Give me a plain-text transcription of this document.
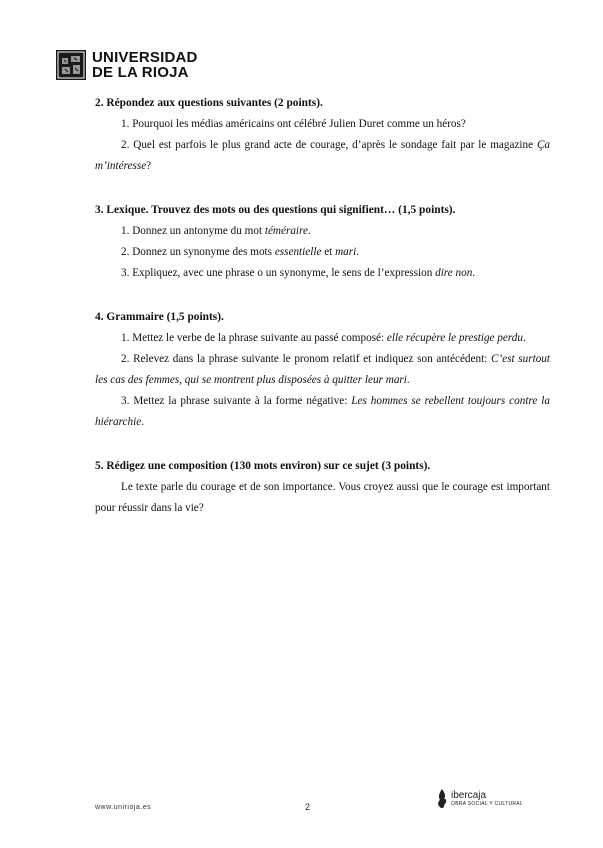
UNIVERSIDAD
DE LA RIOJA
2. Répondez aux questions suivantes (2 points).

1. Pourquoi les médias américains ont célébré Julien Duret comme un héros?

2. Quel est parfois le plus grand acte de courage, d’après le sondage fait par le magazine Ça m’intéresse?

3. Lexique. Trouvez des mots ou des questions qui signifient… (1,5 points).

1. Donnez un antonyme du mot téméraire.

2. Donnez un synonyme des mots essentielle et mari.

3. Expliquez, avec une phrase o un synonyme, le sens de l’expression dire non.

4. Grammaire (1,5 points).

1. Mettez le verbe de la phrase suivante au passé composé: elle récupère le prestige perdu.

2. Relevez dans la phrase suivante le pronom relatif et indiquez son antécédent: C’est surtout les cas des femmes, qui se montrent plus disposées à quitter leur mari.

3. Mettez la phrase suivante à la forme négative: Les hommes se rebellent toujours contre la hiérarchie.

5. Rédigez une composition (130 mots environ) sur ce sujet (3 points).

Le texte parle du courage et de son importance. Vous croyez aussi que le courage est important pour réussir dans la vie?

www.unirioja.es	2
ibercaja
OBRA SOCIAL Y CULTURAL
